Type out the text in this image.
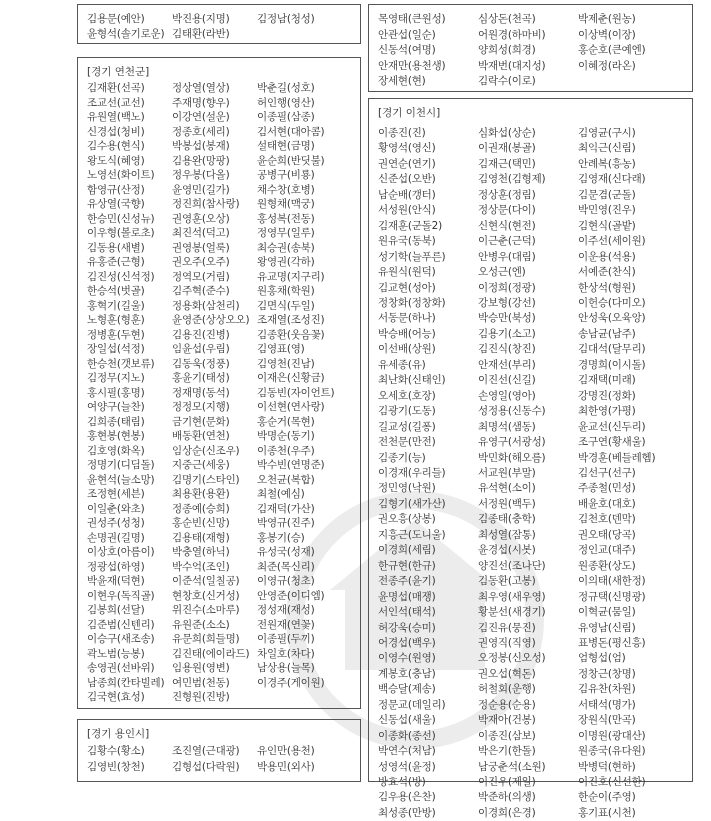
김용문(예안)	박진용(지명)	김정남(청성)
윤형석(솔기로운) 김태환(라반)
[경기 연천군]
김재환(선곡)	정상열(열상)	박춘길(성호)
조교선(교선)	주재명(향우)	허인행(영산)
유원열(백노)	이강연(설운)	이종필(삼종)
신경섭(청비)	정종호(세리)	김서현(대아콤)
김수용(현식)	박봉섭(봉재)	설태현(금명)
왕도식(혜영)	김용완(망팡)	윤순희(반딧불)
노영선(화이트)	정우봉(다올)	공병구(비룡)
함영규(산정)	윤영민(길가)	채수창(호병)
유상열(국향)	정진희(참사랑)	원형채(맥궁)
한승민(신성뉴)	권영훈(오상)	홍성복(전동)
이우형(볼로초)	최진석(덕고)	정영무(일루)
김동용(새별)	권영봉(얼룩)	최승권(송북)
유홍준(근형)	권오주(오주)	왕영권(각하)
김진성(신석정)	정역모(거림)	유교명(지구리)
한승석(벗골)	김주혁(준수)	원홍채(학원)
홍혁기(길울)	정용화(삼천리)	김면식(두일)
노형훈(형훈)	윤영준(상상오오) 조재열(조성진)
정병훈(두현)	김용진(진병)	김종환(웃음꽃)
장일섭(석정)	임윤섭(우림)	김영표(영)
한승천(갯보류)	김동욱(정풍)	김영천(진남)
김정무(지노)	홍윤기(태성)	이재은(신황금)
홍시필(홍명)	정재명(동석)	김동빈(자이언트)
여양구(늘찬)	정정모(지행)	이선현(연사랑)
김희종(태림)	금기현(문화)	홍순거(목현)
홍현봉(현봉)	배동환(연천)	박명순(동기)
김호영(화옥)	임상순(신조우)	이종천(우주)
정명기(디딤돌)	지중근(세웅)	박수빈(연명준)
윤현석(늘소망)	김명기(스타인)	오천균(복합)
조정현(세븐)	최용환(용환)	최철(예심)
이일춘(와초)	정종예(승희)	김재덕(가산)
권성주(성청)	홍순빈(신망)	박영규(진주)
손명권(길명)	김용태(재형)	홍봉기(승)
이상호(아름이)	박충열(하닉)	유성국(성재)
정광섭(하영)	박수억(조인)	최준(목신리)
박윤재(덕현)	이준석(일칠공)	이영규(청초)
이현우(독직골)	현창호(신거성)	안영준(이디엠)
김봉희(선달)	위진수(소마루)	정성재(재성)
김준범(신텐리)	유원준(소소)	전원재(연꽃)
이승구(새조송)	유문희(희들명)	이종필(두끼)
곽노범(능봉)	김진태(에이라드) 차일호(차다)
송영권(선바위)	임용원(영변)	남상용(늘목)
남종희(칸타빌레) 여민범(천동)	이경주(게이원)
김국현(효성)	진형원(진방)
[경기 용인시]
김황수(황소)	조진열(근대광)	유인만(용천)
김영빈(창천)	김형섭(다락원)	박용민(외사)
목영태(큰원성)	심상돈(천곡)	박제춘(원농)
안관섭(일순)	어원경(하마비)	이상벽(이장)
신동석(여명)	양희성(희경)	홍순호(큰예엔)
안재만(용천생)	박재번(대지성)	이혜정(라온)
장세현(현)	김락수(이로)
[경기 이천시]
이종진(진)	심화섭(상순)	김영균(구시)
황영석(영신)	이권재(봉골)	최익근(신림)
권연순(연기)	김재근(택민)	안례복(흥농)
신준섭(오반)	김영천(김형제)	김영재(신다래)
남순배(갱터)	정상훈(정림)	김문겸(군돌)
서성원(안식)	정상문(다이)	박민영(진우)
김재훈(군돌2)	신현식(현전)	김현식(골밭)
원유국(동북)	이근춘(근덕)	이주선(세이원)
성기학(늘푸른)	안병우(대림)	이운용(석용)
유원식(원덕)	오성근(엔)	서예준(찬식)
김교현(성아)	이정희(정광)	한상석(형원)
정창화(정창화)	강보형(강선)	이헌승(다미오)
서동문(하나)	박승만(북성)	안성욱(오육앙)
박승배(어능)	김용기(소고)	송남균(남주)
이선배(상원)	김진식(창진)	김대석(달무리)
유세종(유)	안재선(부리)	경명희(이시돌)
최난화(신태인)	이진선(신길)	김재택(미래)
오세호(호장)	손영일(영아)	강명진(정화)
김광기(도동)	성정용(신동수)	최한영(가평)
길교성(길퐁)	최명석(샘동)	윤교선(신두리)
전천문(만전)	유영구(서광성)	조구연(황새울)
김종기(능)	박민화(해오름)	박경훈(베들레헴)
이경재(우리들)	서교원(부말)	김선구(선구)
정민영(낙원)	유석현(소이)	주종철(민성)
김형기(새가산)	서정원(백두)	배윤호(대호)
권오흥(상봉)	김종태(충학)	김천호(덴막)
지흥근(도니울)	최성열(잠통)	권오태(당곡)
이경희(세림)	윤경섭(시봇)	정인교(대주)
한규현(한규)	양진선(조나단)	원종환(상도)
전종주(윤기)	김동환(고봉)	이의태(새한정)
윤명섭(매쟁)	최우영(새우영)	정규택(신명광)
서인석(태석)	황분선(새경기)	이혁균(뭄일)
허강욱(승미)	김진유(뭉진)	유영남(신림)
어경섭(백우)	권영직(직영)	표병돈(평신흥)
이영수(원영)	오정봉(신오성)	엄형섭(엄)
계봉호(충남)	권오섭(혁돈)	정창근(창명)
백승달(제송)	허철회(운행)	김유찬(차원)
정문교(데일리)	정순용(순용)	서태석(명가)
신동섭(새울)	박재아(건봉)	장원식(만곡)
이종화(종선)	이종진(삼보)	이명원(광대산)
박연수(처남)	박은기(한돌)	원종국(유다원)
성영석(윤정)	남궁춘석(소원)	박병덕(현하)
방효석(방)	이진우(제일)	이진호(신선한)
김우용(은찬)	박준하(의생)	한순이(주영)
최성종(만방)	이경희(은경)	홍기표(시천)
